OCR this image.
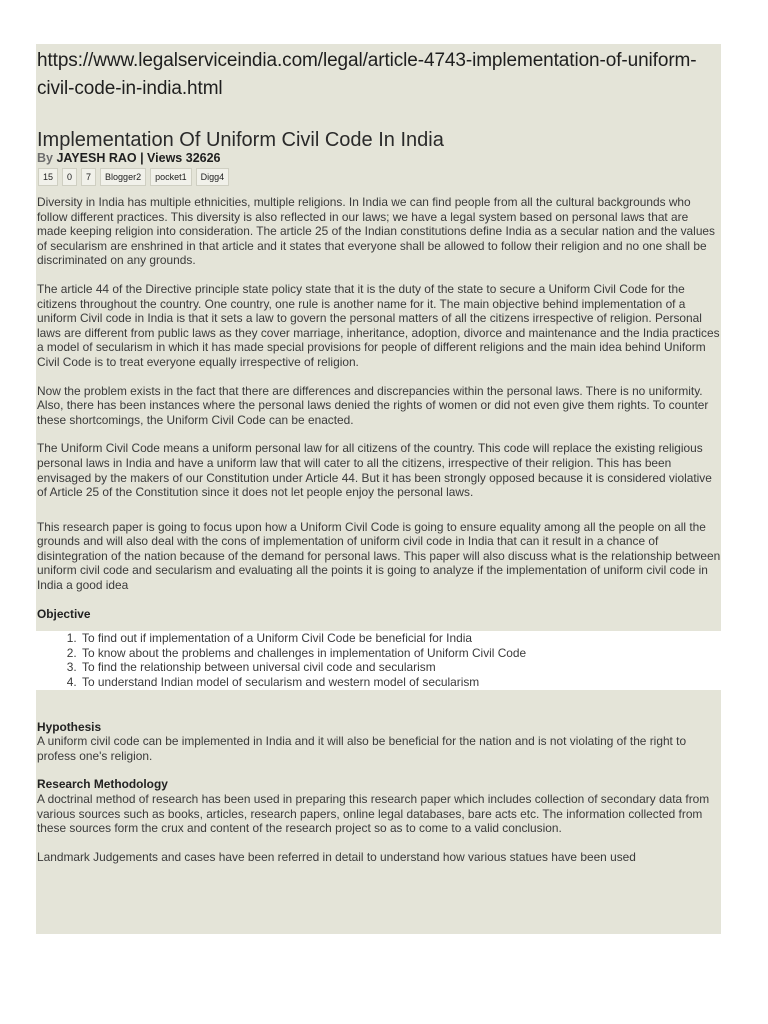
https://www.legalserviceindia.com/legal/article-4743-implementation-of-uniform-civil-code-in-india.html
Implementation Of Uniform Civil Code In India
By JAYESH RAO | Views 32626
15	0	7	Blogger2	pocket1	Digg4

Diversity in India has multiple ethnicities, multiple religions. In India we can find people from all the cultural backgrounds who follow different practices. This diversity is also reflected in our laws; we have a legal system based on personal laws that are made keeping religion into consideration. The article 25 of the Indian constitutions define India as a secular nation and the values of secularism are enshrined in that article and it states that everyone shall be allowed to follow their religion and no one shall be discriminated on any grounds.

The article 44 of the Directive principle state policy state that it is the duty of the state to secure a Uniform Civil Code for the citizens throughout the country. One country, one rule is another name for it. The main objective behind implementation of a uniform Civil code in India is that it sets a law to govern the personal matters of all the citizens irrespective of religion. Personal laws are different from public laws as they cover marriage, inheritance, adoption, divorce and maintenance and the India practices a model of secularism in which it has made special provisions for people of different religions and the main idea behind Uniform Civil Code is to treat everyone equally irrespective of religion.

Now the problem exists in the fact that there are differences and discrepancies within the personal laws. There is no uniformity. Also, there has been instances where the personal laws denied the rights of women or did not even give them rights. To counter these shortcomings, the Uniform Civil Code can be enacted.

The Uniform Civil Code means a uniform personal law for all citizens of the country. This code will replace the existing religious personal laws in India and have a uniform law that will cater to all the citizens, irrespective of their religion. This has been envisaged by the makers of our Constitution under Article 44. But it has been strongly opposed because it is considered violative of Article 25 of the Constitution since it does not let people enjoy the personal laws.

This research paper is going to focus upon how a Uniform Civil Code is going to ensure equality among all the people on all the grounds and will also deal with the cons of implementation of uniform civil code in India that can it result in a chance of disintegration of the nation because of the demand for personal laws. This paper will also discuss what is the relationship between uniform civil code and secularism and evaluating all the points it is going to analyze if the implementation of uniform civil code in India a good idea

Objective
1. To find out if implementation of a Uniform Civil Code be beneficial for India
2. To know about the problems and challenges in implementation of Uniform Civil Code
3. To find the relationship between universal civil code and secularism
4. To understand Indian model of secularism and western model of secularism
Hypothesis

A uniform civil code can be implemented in India and it will also be beneficial for the nation and is not violating of the right to profess one's religion.

Research Methodology

A doctrinal method of research has been used in preparing this research paper which includes collection of secondary data from various sources such as books, articles, research papers, online legal databases, bare acts etc. The information collected from these sources form the crux and content of the research project so as to come to a valid conclusion.

Landmark Judgements and cases have been referred in detail to understand how various statues have been used
